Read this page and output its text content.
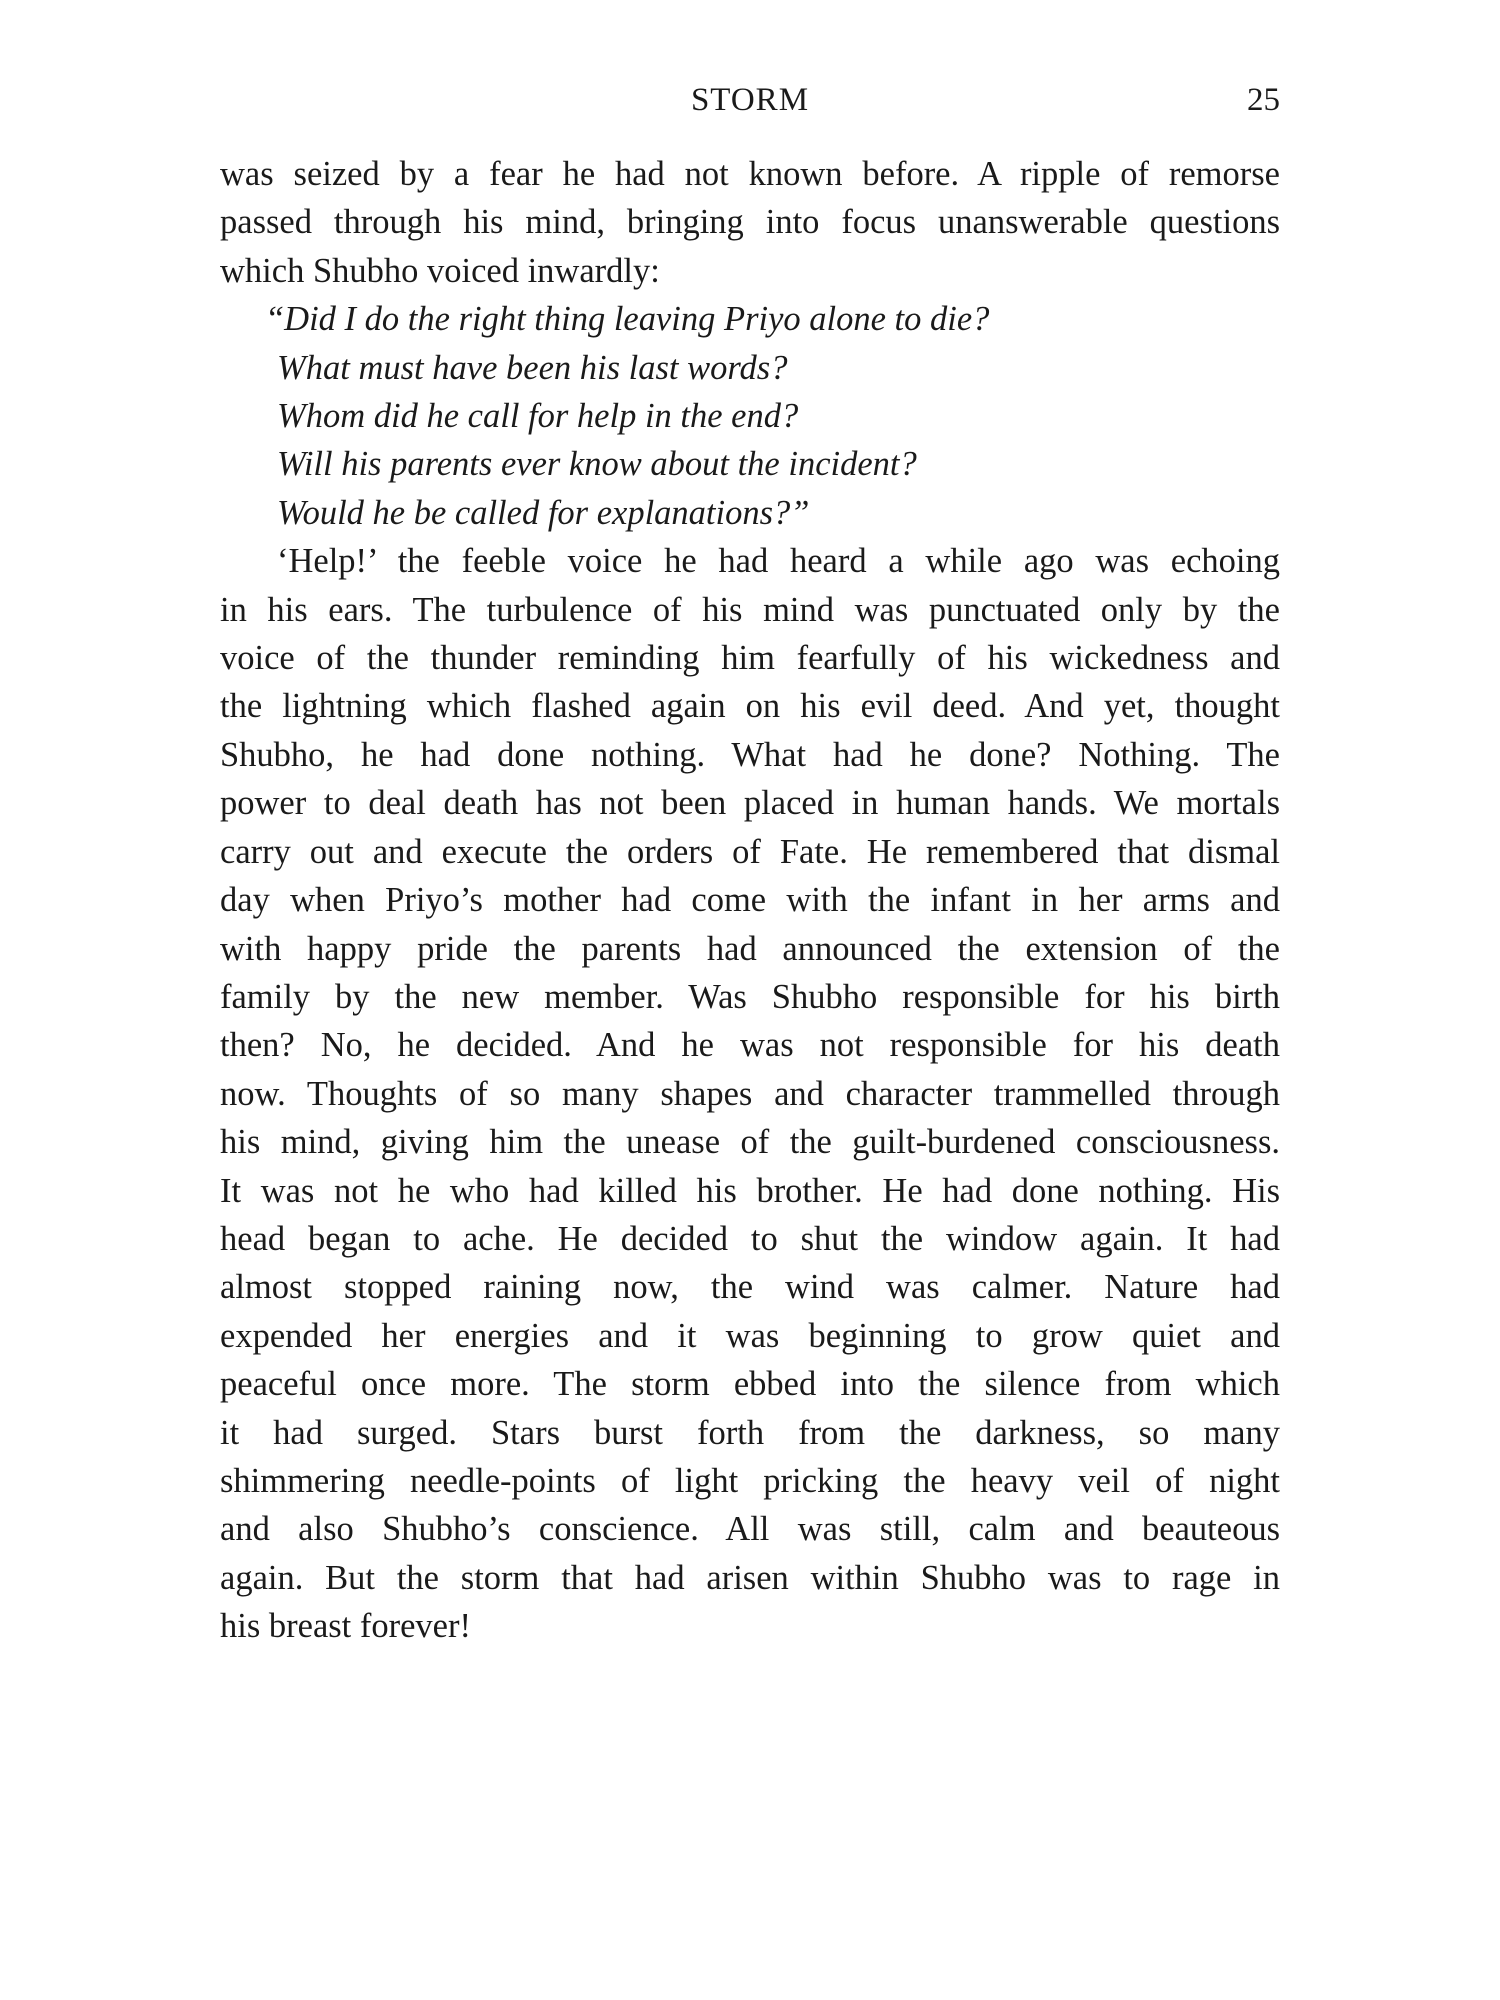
STORM	25
was seized by a fear he had not known before. A ripple of remorse
passed through his mind, bringing into focus unanswerable questions
which Shubho voiced inwardly:
“Did I do the right thing leaving Priyo alone to die?
What must have been his last words?
Whom did he call for help in the end?
Will his parents ever know about the incident?
Would he be called for explanations?”
‘Help!’ the feeble voice he had heard a while ago was echoing
in his ears. The turbulence of his mind was punctuated only by the
voice of the thunder reminding him fearfully of his wickedness and
the lightning which flashed again on his evil deed. And yet, thought
Shubho, he had done nothing. What had he done? Nothing. The
power to deal death has not been placed in human hands. We mortals
carry out and execute the orders of Fate. He remembered that dismal
day when Priyo’s mother had come with the infant in her arms and
with happy pride the parents had announced the extension of the
family by the new member. Was Shubho responsible for his birth
then? No, he decided. And he was not responsible for his death
now. Thoughts of so many shapes and character trammelled through
his mind, giving him the unease of the guilt-burdened consciousness.
It was not he who had killed his brother. He had done nothing. His
head began to ache. He decided to shut the window again. It had
almost stopped raining now, the wind was calmer. Nature had
expended her energies and it was beginning to grow quiet and
peaceful once more. The storm ebbed into the silence from which
it had surged. Stars burst forth from the darkness, so many
shimmering needle-points of light pricking the heavy veil of night
and also Shubho’s conscience. All was still, calm and beauteous
again. But the storm that had arisen within Shubho was to rage in
his breast forever!
